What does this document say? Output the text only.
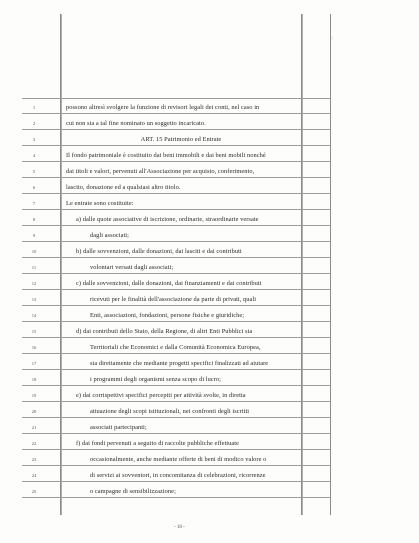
<
1	possono altresì svolgere la funzione di revisori legali dei conti, nel caso in
2	cui non sia a tal fine nominato un soggetto incaricato.
3	ART. 15 Patrimonio ed Entrate
4	Il fondo patrimoniale è costituito dai beni immobili e dai beni mobili nonché
5	dai titoli e valori, pervenuti all'Associazione per acquisto, conferimento,
6	lascito, donazione ed a qualsiasi altro titolo.
7	Le entrate sono costituite:
8	a) dalle quote associative di iscrizione, ordinarie, straordinarie versate
9	dagli associati;
10	b) dalle sovvenzioni, dalle donazioni, dai lasciti e dai contributi
11	volontari versati dagli associati;
12	c) dalle sovvenzioni, dalle donazioni, dai finanziamenti e dai contributi
13	ricevuti per le finalità dell'associazione da parte di privati, quali
14	Enti, associazioni, fondazioni, persone fisiche e giuridiche;
15	d) dai contributi dello Stato, della Regione, di altri Enti Pubblici sia
16	Territoriali che Economici e dalla Comunità Economica Europea,
17	sia direttamente che mediante progetti specifici finalizzati ad aiutare
18	i programmi degli organismi senza scopo di lucro;
19	e) dai corrispettivi specifici percepiti per attività svolte, in diretta
20	attuazione degli scopi istituzionali, nei confronti degli iscritti
21	associati partecipanti;
22	f) dai fondi pervenuti a seguito di raccolte pubbliche effettuate
23	occasionalmente, anche mediante offerte di beni di modico valore o
24	di servizi ai sovventori, in concomitanza di celebrazioni, ricorrenze
25	o campagne di sensibilizzazione;
- 18 -
